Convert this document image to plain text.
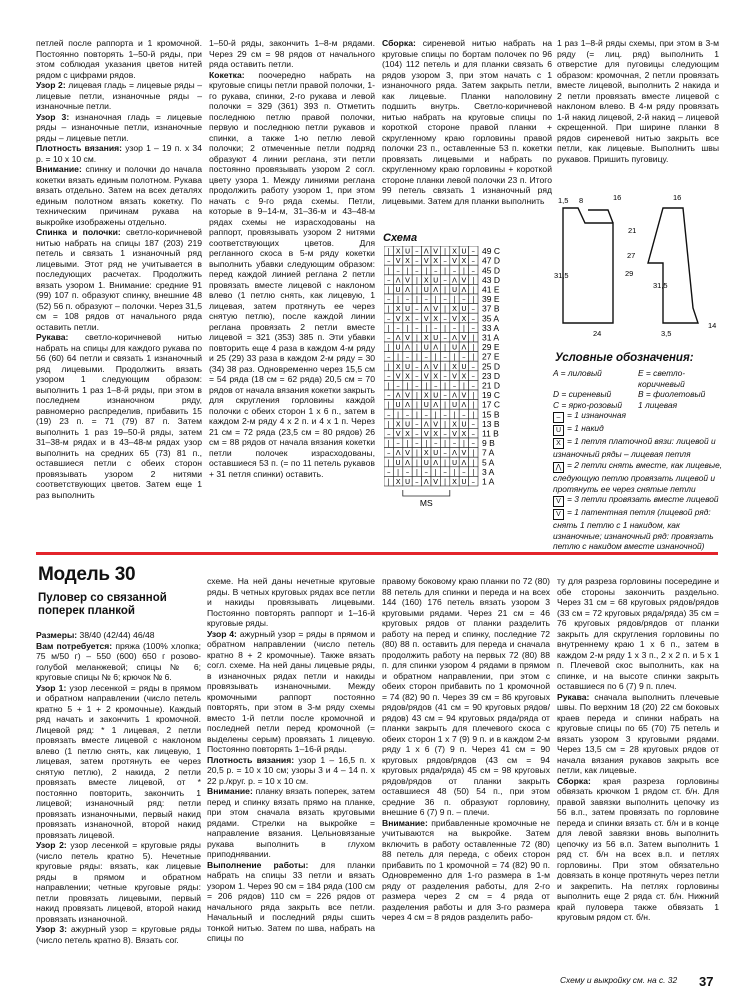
петлей после раппорта и 1 кромочной. Постоянно повторять 1–50-й ряды, при этом соблюдая указания цветов нитей рядом с цифрами рядов.

Узор 2: лицевая гладь = лицевые ряды – лицевые петли, изнаночные ряды – изнаночные петли.

Узор 3: изнаночная гладь = лицевые ряды – изнаночные петли, изнаночные ряды – лицевые петли.

Плотность вязания: узор 1 – 19 п. х 34 р. = 10 х 10 см.

Внимание: спинку и полочки до начала кокетки вязать единым полотном. Рукава вязать отдельно. Затем на всех деталях единым полотном вязать кокетку. По техническим причинам рукава на выкройке изображены отдельно.

Спинка и полочки: светло-коричневой нитью набрать на спицы 187 (203) 219 петель и связать 1 изнаночный ряд лицевыми. Этот ряд не учитывается в последующих расчетах. Продолжить вязать узором 1. Внимание: средние 91 (99) 107 п. образуют спинку, внешние 48 (52) 56 п. образуют – полочки. Через 31,5 см = 108 рядов от начального ряда оставить петли.

Рукава: светло-коричневой нитью набрать на спицы для каждого рукава по 56 (60) 64 петли и связать 1 изнаночный ряд лицевыми. Продолжить вязать узором 1 следующим образом: выполнить 1 раз 1–8-й ряды, при этом в последнем изнаночном ряду, равномерно распределив, прибавить 15 (19) 23 п. = 71 (79) 87 п. Затем выполнить 1 раз 19–50-й ряды, затем 31–38-м рядах и в 43–48-м рядах узор выполнить на средних 65 (73) 81 п., оставшиеся петли с обеих сторон провязывать узором 2 нитями соответствующих цветов. Затем еще 1 раз выполнить

1–50-й ряды, закончить 1–8-м рядами. Через 29 см = 98 рядов от начального ряда оставить петли.

Кокетка: поочередно набрать на круговые спицы петли правой полочки, 1-го рукава, спинки, 2-го рукава и левой полочки = 329 (361) 393 п. Отметить последнюю петлю правой полочки, первую и последнюю петли рукавов и спинки, а также 1-ю петлю левой полочки; 2 отмеченные петли подряд образуют 4 линии реглана, эти петли постоянно провязывать узором 2 согл. цвету узора 1. Между линиями реглана продолжить работу узором 1, при этом начать с 9-го ряда схемы. Петли, которые в 9–14-м, 31–36-м и 43–48-м рядах схемы не израсходованы на раппорт, провязывать узором 2 нитями соответствующих цветов. Для регланного скоса в 5-м ряду кокетки выполнить убавки следующим образом: перед каждой линией реглана 2 петли провязать вместе лицевой с наклоном влево (1 петлю снять, как лицевую, 1 лицевая, затем протянуть ее через снятую петлю), после каждой линии реглана провязать 2 петли вместе лицевой = 321 (353) 385 п. Эти убавки повторить еще 4 раза в каждом 4-м ряду и 25 (29) 33 раза в каждом 2-м ряду = 30 (34) 38 раз. Одновременно через 15,5 см = 54 ряда (18 см = 62 ряда) 20,5 см = 70 рядов от начала вязания кокетки закрыть для скругления горловины каждой полочки с обеих сторон 1 х 6 п., затем в каждом 2-м ряду 4 х 2 п. и 4 х 1 п. Через 21 см = 72 ряда (23,5 см = 80 рядов) 26 см = 88 рядов от начала вязания кокетки петли полочек израсходованы, оставшиеся 53 п. (= по 11 петель рукавов + 31 петля спинки) оставить.

Сборка: сиреневой нитью набрать на круговые спицы по бортам полочек по 96 (104) 112 петель и для планки связать 6 рядов узором 3, при этом начать с 1 изнаночного ряда. Затем закрыть петли, как лицевые. Планки наполовину подшить внутрь. Светло-коричневой нитью набрать на круговые спицы по короткой стороне правой планки + скругленному краю горловины правой полочки 23 п., оставленные 53 п. кокетки провязать лицевыми и набрать по скругленному краю горловины + короткой стороне планки левой полочки 23 п. Итого 99 петель связать 1 изнаночный ряд лицевыми. Затем для планки выполнить

1 раз 1–8-й ряды схемы, при этом в 3-м ряду (= лиц. ряд) выполнить 1 отверстие для пуговицы следующим образом: кромочная, 2 петли провязать вместе лицевой, выполнить 2 накида и 2 петли провязать вместе лицевой с наклоном влево. В 4-м ряду провязать 1-й накид лицевой, 2-й накид – лицевой скрещенной. При ширине планки 8 рядов сиреневой нитью закрыть все петли, как лицевые. Выполнить швы рукавов. Пришить пуговицу.

Схема
| X U – Λ V | X U – 49 C
– V X – V X – V X – 47 D
| – | – | – | – | – 45 D
– Λ V | X U – Λ V | 43 D
| U Λ | U Λ | U Λ | 41 E
– | – | – | – | – | 39 E
| X U – Λ V | X U – 37 B
– V X – V X – V X – 35 A
| – | – | – | – | – 33 A
– Λ V | X U – Λ V | 31 A
| U Λ | U Λ | U Λ | 29 E
– | – | – | – | – | 27 E
| X U – Λ V | X U – 25 D
– V X – V X – V X – 23 D
| – | – | – | – | – 21 D
– Λ V | X U – Λ V | 19 C
| U Λ | U Λ | U Λ | 17 C
– | – | – | – | – | 15 B
| X U – Λ V | X U – 13 B
– V X – V X – V X – 11 B
| – | – | – | – | – 9 B
– Λ V | X U – Λ V | 7 A
| U Λ | U Λ | U Λ | 5 A
– | – | – | – | – | 3 A
| X U – Λ V | X U – 1 A
MS
1,5 8	16	16
21
27
31,5	29
31,5
24	3,5
14
Условные обозначения:
A = лиловый	E = светло-коричневый
D = сиреневый	B = фиолетовый
C = ярко-розовый	1 лицевая
– = 1 изнаночная
U = 1 накид
X = 1 петля платочной вязи: лицевой и изнаночный ряды – лицевая петля
⋀ = 2 петли снять вместе, как лицевые, следующую петлю провязать лицевой и протянуть ее через снятые петли
V = 3 петли провязать вместе лицевой
V = 1 патентная петля (лицевой ряд: снять 1 петлю с 1 накидом, как изнаночные; изнаночный ряд: провязать петлю с накидом вместе изнаночной)
Модель 30
Пуловер со связанной поперек планкой

Размеры: 38/40 (42/44) 46/48

Вам потребуется: пряжа (100% хлопка; 75 м/50 г) – 550 (600) 650 г розово-голубой меланжевой; спицы № 6; круговые спицы № 6; крючок № 6.

Узор 1: узор лесенкой = ряды в прямом и обратном направлении (число петель кратно 5 + 1 + 2 кромочные). Каждый ряд начать и закончить 1 кромочной. Лицевой ряд: * 1 лицевая, 2 петли провязать вместе лицевой с наклоном влево (1 петлю снять, как лицевую, 1 лицевая, затем протянуть ее через снятую петлю), 2 накида, 2 петли провязать вместе лицевой, от * постоянно повторить, закончить 1 лицевой; изнаночный ряд: петли провязать изнаночными, первый накид провязать изнаночной, второй накид провязать лицевой.

Узор 2: узор лесенкой = круговые ряды (число петель кратно 5). Нечетные круговые ряды: вязать, как лицевые ряды в прямом и обратном направлении; четные круговые ряды: петли провязать лицевыми, первый накид провязать лицевой, второй накид провязать изнаночной.

Узор 3: ажурный узор = круговые ряды (число петель кратно 8). Вязать сог.

схеме. На ней даны нечетные круговые ряды. В четных круговых рядах все петли и накиды провязывать лицевыми. Постоянно повторять раппорт и 1–16-й круговые ряды.

Узор 4: ажурный узор = ряды в прямом и обратном направлении (число петель кратно 8 + 2 кромочные). Также вязать согл. схеме. На ней даны лицевые ряды, в изнаночных рядах петли и накиды провязывать изнаночными. Между кромочными раппорт постоянно повторять, при этом в 3-м ряду схемы вместо 1-й петли после кромочной и последней петли перед кромочной (= выделены серым) провязать 1 лицевую. Постоянно повторять 1–16-й ряды.

Плотность вязания: узор 1 – 16,5 п. х 20,5 р. = 10 х 10 см; узоры 3 и 4 – 14 п. х 22 р./круг. р. = 10 х 10 см.

Внимание: планку вязать поперек, затем перед и спинку вязать прямо на планке, при этом сначала вязать круговыми рядами. Стрелки на выкройке = направление вязания. Цельновязаные рукава выполнить в глухом приподнявании.

Выполнение работы: для планки набрать на спицы 33 петли и вязать узором 1. Через 90 см = 184 ряда (100 см = 206 рядов) 110 см = 226 рядов от начального ряда закрыть все петли. Начальный и последний ряды сшить тонкой нитью. Затем по шва, набрать на спицы по

правому боковому краю планки по 72 (80) 88 петель для спинки и переда и на всех 144 (160) 176 петель вязать узором 3 круговыми рядами. Через 21 см = 46 круговых рядов от планки разделить работу на перед и спинку, последние 72 (80) 88 п. оставить для переда и сначала продолжить работу на первых 72 (80) 88 п. для спинки узором 4 рядами в прямом и обратном направлении, при этом с обеих сторон прибавить по 1 кромочной = 74 (82) 90 п. Через 39 см = 86 круговых рядов/рядов (41 см = 90 круговых рядов/рядов) 43 см = 94 круговых ряда/ряда от планки закрыть для плечевого скоса с обеих сторон 1 х 7 (9) 9 п. и в каждом 2-м ряду 1 х 6 (7) 9 п. Через 41 см = 90 круговых рядов/рядов (43 см = 94 круговых ряда/ряда) 45 см = 98 круговых рядов/рядов от планки закрыть оставшиеся 48 (50) 54 п., при этом средние 36 п. образуют горловину, внешние 6 (7) 9 п. – плечи.

Внимание: прибавленные кромочные не учитываются на выкройке. Затем включить в работу оставленные 72 (80) 88 петель для переда, с обеих сторон прибавить по 1 кромочной = 74 (82) 90 п. Одновременно для 1-го размера в 1-м ряду от разделения работы, для 2-го размера через 2 см = 4 ряда от разделения работы и для 3-го размера через 4 см = 8 рядов разделить рабо-

ту для разреза горловины посередине и обе стороны закончить раздельно. Через 31 см = 68 круговых рядов/рядов (33 см = 72 круговых ряда/ряда) 35 см = 76 круговых рядов/рядов от планки закрыть для скругления горловины по внутреннему краю 1 х 6 п., затем в каждом 2-м ряду 1 х 3 п., 2 х 2 п. и 5 х 1 п. Плечевой скос выполнить, как на спинке, и на высоте спинки закрыть оставшиеся по 6 (7) 9 п. плеч.

Рукава: сначала выполнить плечевые швы. По верхним 18 (20) 22 см боковых краев переда и спинки набрать на круговые спицы по 65 (70) 75 петель и вязать узором 3 круговыми рядами. Через 13,5 см = 28 круговых рядов от начала вязания рукавов закрыть все петли, как лицевые.

Сборка: края разреза горловины обвязать крючком 1 рядом ст. б/н. Для правой завязки выполнить цепочку из 56 в.п., затем провязать по горловине переда и спинки вязать ст. б/н и в конце для левой завязки вновь выполнить цепочку из 56 в.п. Затем выполнить 1 ряд ст. б/н на всех в.п. и петлях горловины. При этом обязательно довязать в конце протянуть через петли и закрепить. На петлях горловины выполнить еще 2 ряда ст. б/н. Нижний край пуловера также обвязать 1 круговым рядом ст. б/н.

Схему и выкройку см. на с. 32 37
